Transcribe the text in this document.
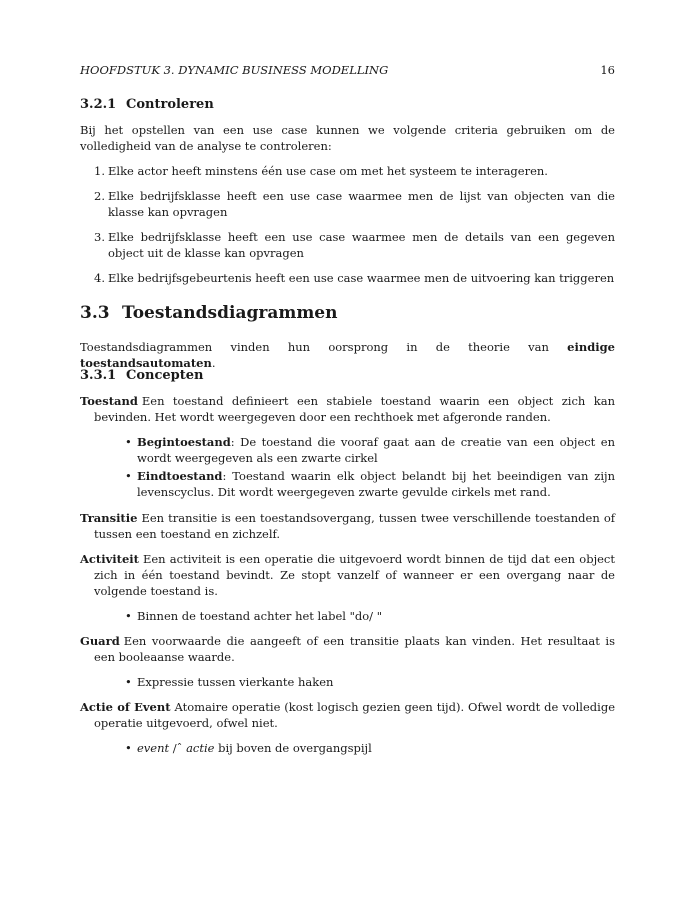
HOOFDSTUK 3. DYNAMIC BUSINESS MODELLING	16
3.2.1 Controleren
Bij het opstellen van een use case kunnen we volgende criteria gebruiken om de volledigheid van de analyse te controleren:
1. Elke actor heeft minstens één use case om met het systeem te interageren.
2. Elke bedrijfsklasse heeft een use case waarmee men de lijst van objecten van die klasse kan opvragen
3. Elke bedrijfsklasse heeft een use case waarmee men de details van een gegeven object uit de klasse kan opvragen
4. Elke bedrijfsgebeurtenis heeft een use case waarmee men de uitvoering kan triggeren
3.3 Toestandsdiagrammen
Toestandsdiagrammen vinden hun oorsprong in de theorie van eindige toestandsautomaten.
3.3.1 Concepten
Toestand Een toestand definieert een stabiele toestand waarin een object zich kan bevinden. Het wordt weergegeven door een rechthoek met afgeronde randen.
• Begintoestand: De toestand die vooraf gaat aan de creatie van een object en wordt weergegeven als een zwarte cirkel
• Eindtoestand: Toestand waarin elk object belandt bij het beeindigen van zijn levenscyclus. Dit wordt weergegeven zwarte gevulde cirkels met rand.
Transitie Een transitie is een toestandsovergang, tussen twee verschillende toestanden of tussen een toestand en zichzelf.
Activiteit Een activiteit is een operatie die uitgevoerd wordt binnen de tijd dat een object zich in één toestand bevindt. Ze stopt vanzelf of wanneer er een overgang naar de volgende toestand is.
• Binnen de toestand achter het label "do/ "
Guard Een voorwaarde die aangeeft of een transitie plaats kan vinden. Het resultaat is een booleaanse waarde.
• Expressie tussen vierkante haken
Actie of Event Atomaire operatie (kost logisch gezien geen tijd). Ofwel wordt de volledige operatie uitgevoerd, ofwel niet.
• event /ˆ actie bij boven de overgangspijl
